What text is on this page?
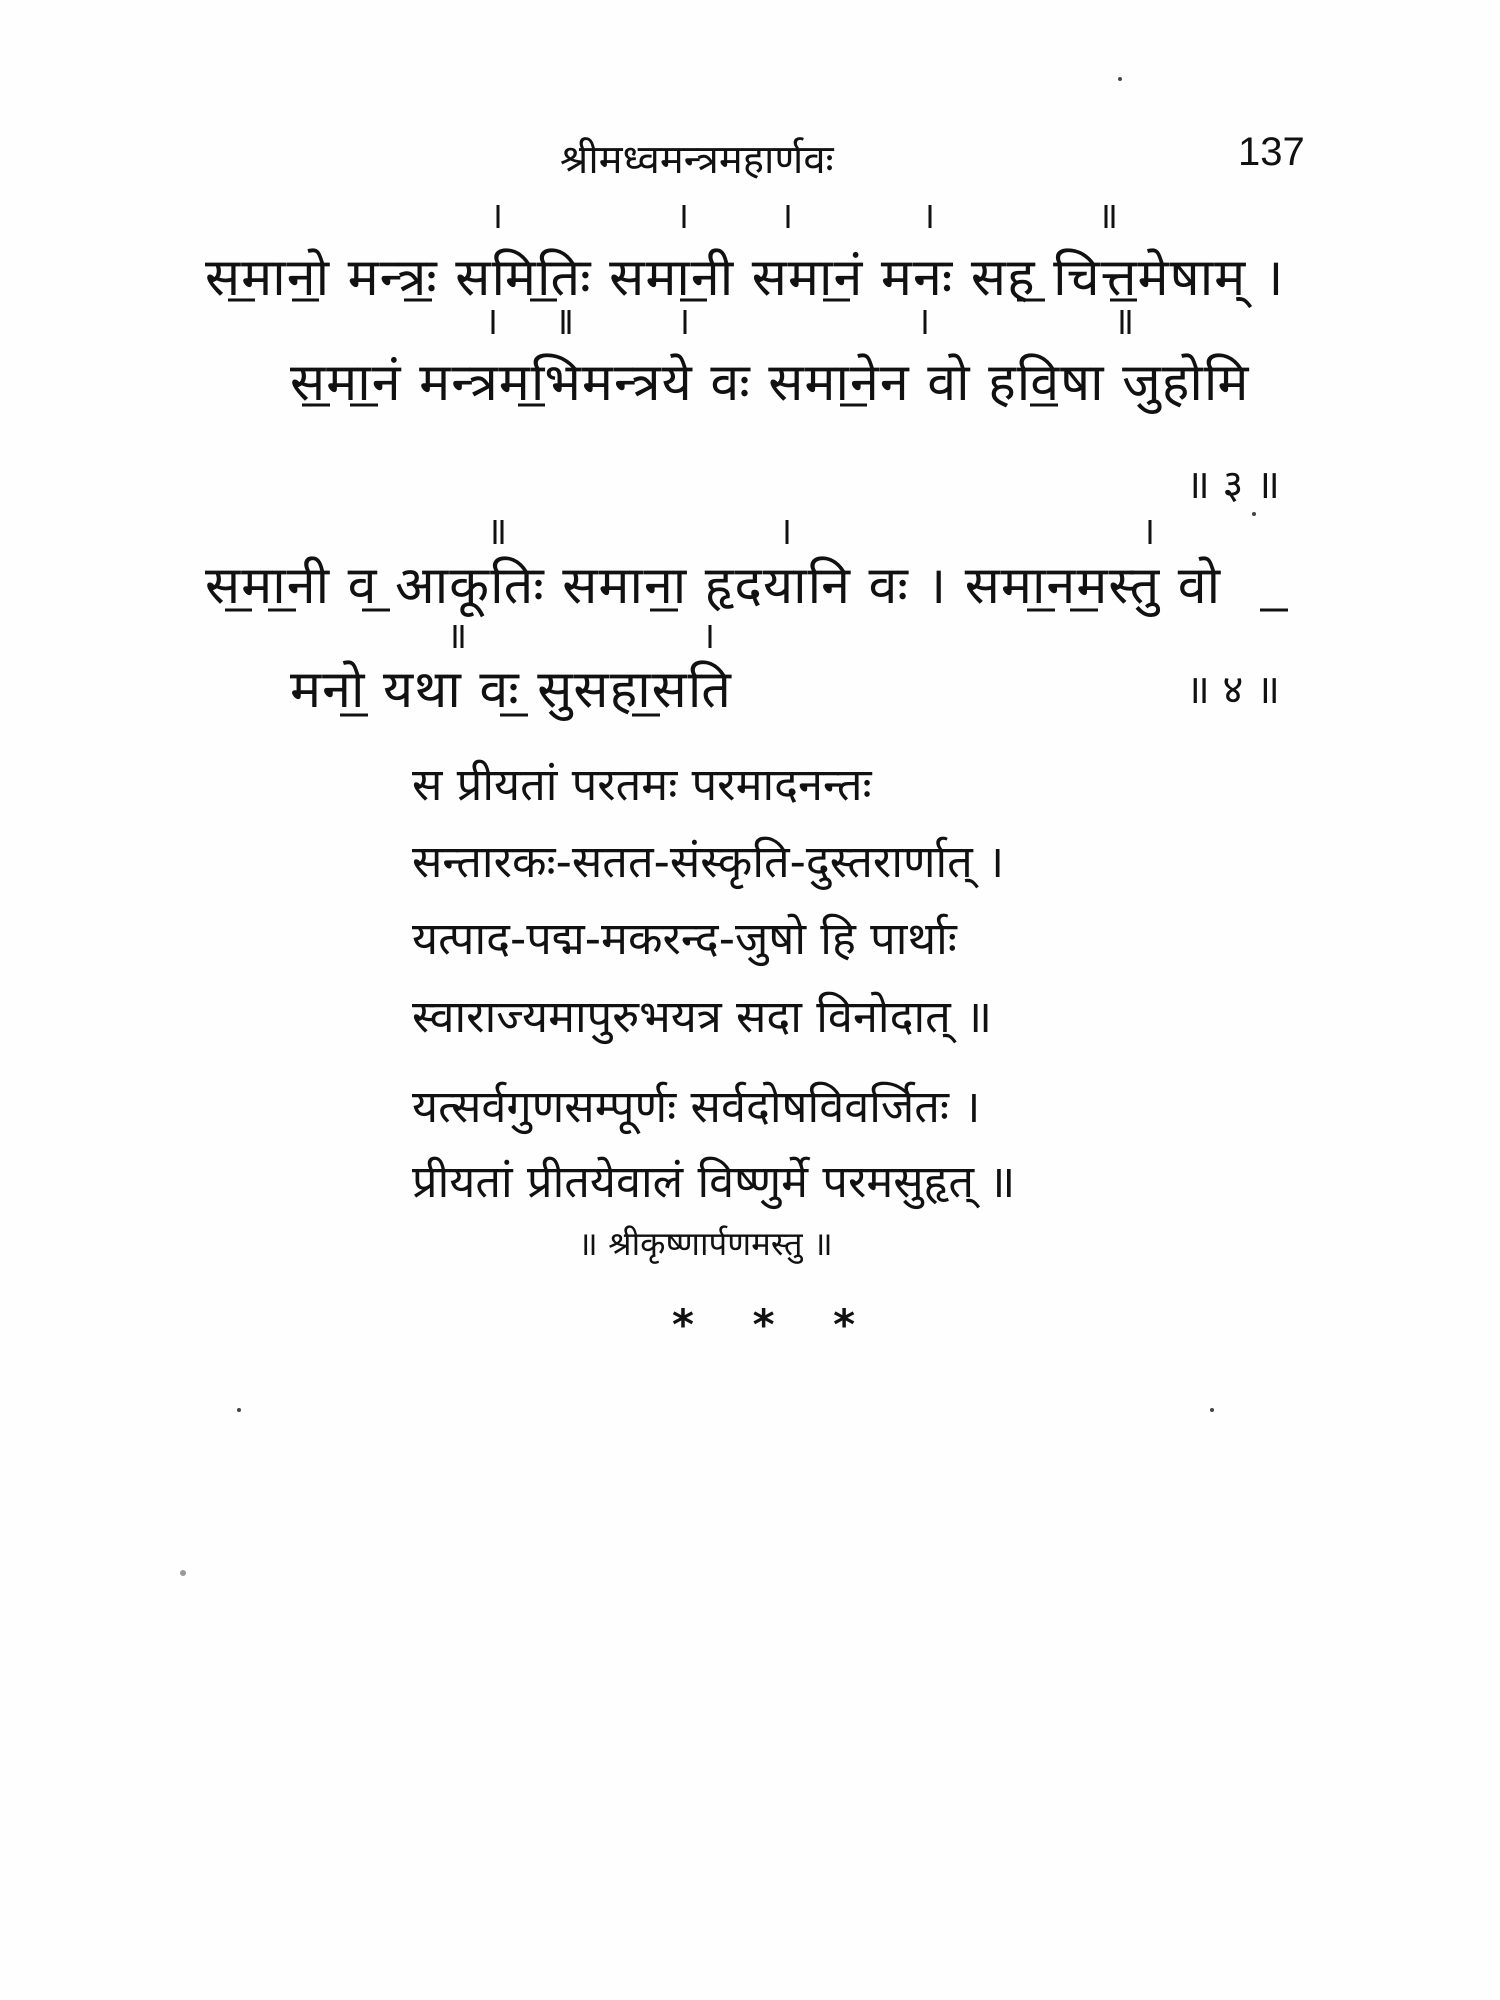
श्रीमध्वमन्त्रमहार्णवः	137
समानो मन्त्रः समितिः समानी समानं मनः सह चित्तमेषाम् ।
समानं मन्त्रमभिमन्त्रये वः समानेन वो हविषा जुहोमि
॥ ३ ॥
समानी व आकूतिः समाना हृदयानि वः । समानमस्तु वो
मनो यथा वः सुसहासति	॥ ४ ॥
स प्रीयतां परतमः परमादनन्तः
सन्तारकः-सतत-संस्कृति-दुस्तरार्णात् ।
यत्पाद-पद्म-मकरन्द-जुषो हि पार्थाः
स्वाराज्यमापुरुभयत्र सदा विनोदात् ॥
यत्सर्वगुणसम्पूर्णः सर्वदोषविवर्जितः ।
प्रीयतां प्रीतयेवालं विष्णुर्मे परमसुहृत् ॥
॥ श्रीकृष्णार्पणमस्तु ॥
* * *
